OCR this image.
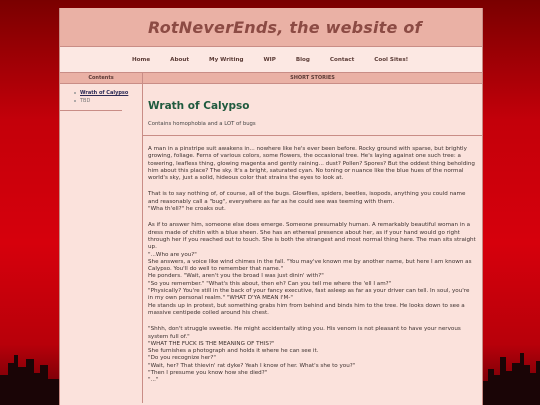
RotNeverEnds, the website of
Home	About	My Writing	WIP	Blog	Contact	Cool Sites!
Contents
Wrath of Calypso
TBD
SHORT STORIES
Wrath of Calypso
Contains homophobia and a LOT of bugs

A man in a pinstripe suit awakens in... nowhere like he's ever been before. Rocky ground with sparse, but brightly growing, foliage. Ferns of various colors, some flowers, the occasional tree. He's laying against one such tree: a towering, leafless thing, glowing magenta and gently raining... dust? Pollen? Spores? But the oddest thing beholding him about this place? The sky. It's a bright, saturated cyan. No toning or nuance like the blue hues of the normal world's sky, just a solid, hideous color that strains the eyes to look at.

That is to say nothing of, of course, all of the bugs. Glowflies, spiders, beetles, isopods, anything you could name and reasonably call a "bug", everywhere as far as he could see was teeming with them.
"Wha th'ell?" he croaks out.

As if to answer him, someone else does emerge. Someone presumably human. A remarkably beautiful woman in a dress made of chitin with a blue sheen. She has an ethereal presence about her, as if your hand would go right through her if you reached out to touch. She is both the strangest and most normal thing here. The man sits straight up.
"...Who are you?"
She answers, a voice like wind chimes in the fall. "You may've known me by another name, but here I am known as Calypso. You'll do well to remember that name."
He ponders. "Wait, aren't you the broad I was just dinin' with?"
"So you remember." "What's this about, then eh? Can you tell me where the 'ell I am?"
"Physically? You're still in the back of your fancy executive, fast asleep as far as your driver can tell. In soul, you're in my own personal realm." "WHAT D'YA MEAN I'M-"
He stands up in protest, but something grabs him from behind and binds him to the tree. He looks down to see a massive centipede coiled around his chest.

"Shhh, don't struggle sweetie. He might accidentally sting you. His venom is not pleasant to have your nervous system full of."
"WHAT THE FUCK IS THE MEANING OF THIS?"
She furnishes a photograph and holds it where he can see it.
"Do you recognize her?"
"Wait, her? That thievin' rat dyke? Yeah I know of her. What's she to you?"
"Then I presume you know how she died?"
"..."
